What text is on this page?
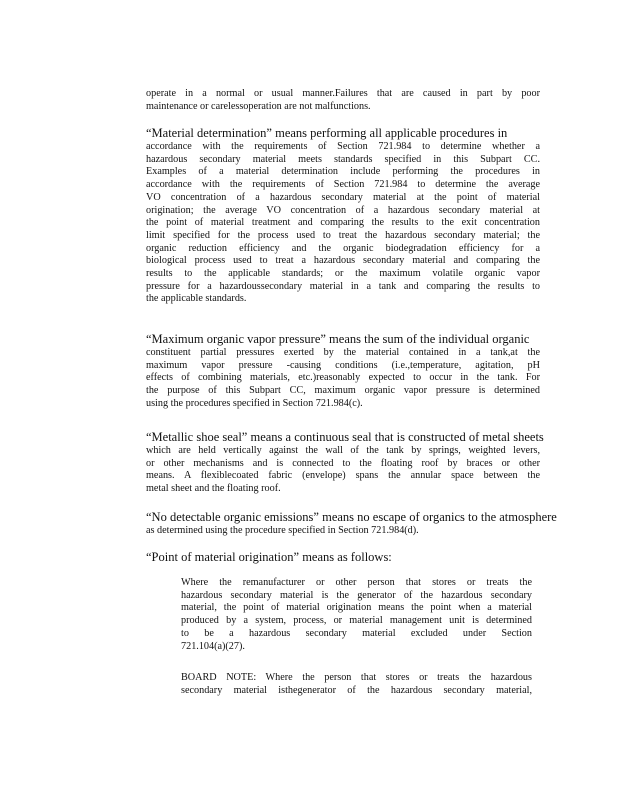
operate in a normal or usual manner.Failures that are caused in part by poor
maintenance or carelessoperation are not malfunctions.
“Material determination” means performing all applicable procedures in
accordance with the requirements of Section 721.984 to determine whether a
hazardous secondary material meets standards specified in this Subpart CC.
Examples of a material determination include performing the procedures in
accordance with the requirements of Section 721.984 to determine the average
VO concentration of a hazardous secondary material at the point of material
origination; the average VO concentration of a hazardous secondary material at
the point of material treatment and comparing the results to the exit concentration
limit specified for the process used to treat the hazardous secondary material; the
organic reduction efficiency and the organic biodegradation efficiency for a
biological process used to treat a hazardous secondary material and comparing the
results to the applicable standards; or the maximum volatile organic vapor
pressure for a hazardoussecondary material in a tank and comparing the results to
the applicable standards.
“Maximum organic vapor pressure” means the sum of the individual organic
constituent partial pressures exerted by the material contained in a tank,at the
maximum vapor pressure -causing conditions (i.e.,temperature, agitation, pH
effects of combining materials, etc.)reasonably expected to occur in the tank. For
the purpose of this Subpart CC, maximum organic vapor pressure is determined
using the procedures specified in Section 721.984(c).
“Metallic shoe seal” means a continuous seal that is constructed of metal sheets
which are held vertically against the wall of the tank by springs, weighted levers,
or other mechanisms and is connected to the floating roof by braces or other
means. A flexiblecoated fabric (envelope) spans the annular space between the
metal sheet and the floating roof.
“No detectable organic emissions” means no escape of organics to the atmosphere
as determined using the procedure specified in Section 721.984(d).
“Point of material origination” means as follows:
Where the remanufacturer or other person that stores or treats the
hazardous secondary material is the generator of the hazardous secondary
material, the point of material origination means the point when a material
produced by a system, process, or material management unit is determined
to be a hazardous secondary material excluded under Section
721.104(a)(27).
BOARD NOTE: Where the person that stores or treats the hazardous
secondary material isthegenerator of the hazardous secondary material,
